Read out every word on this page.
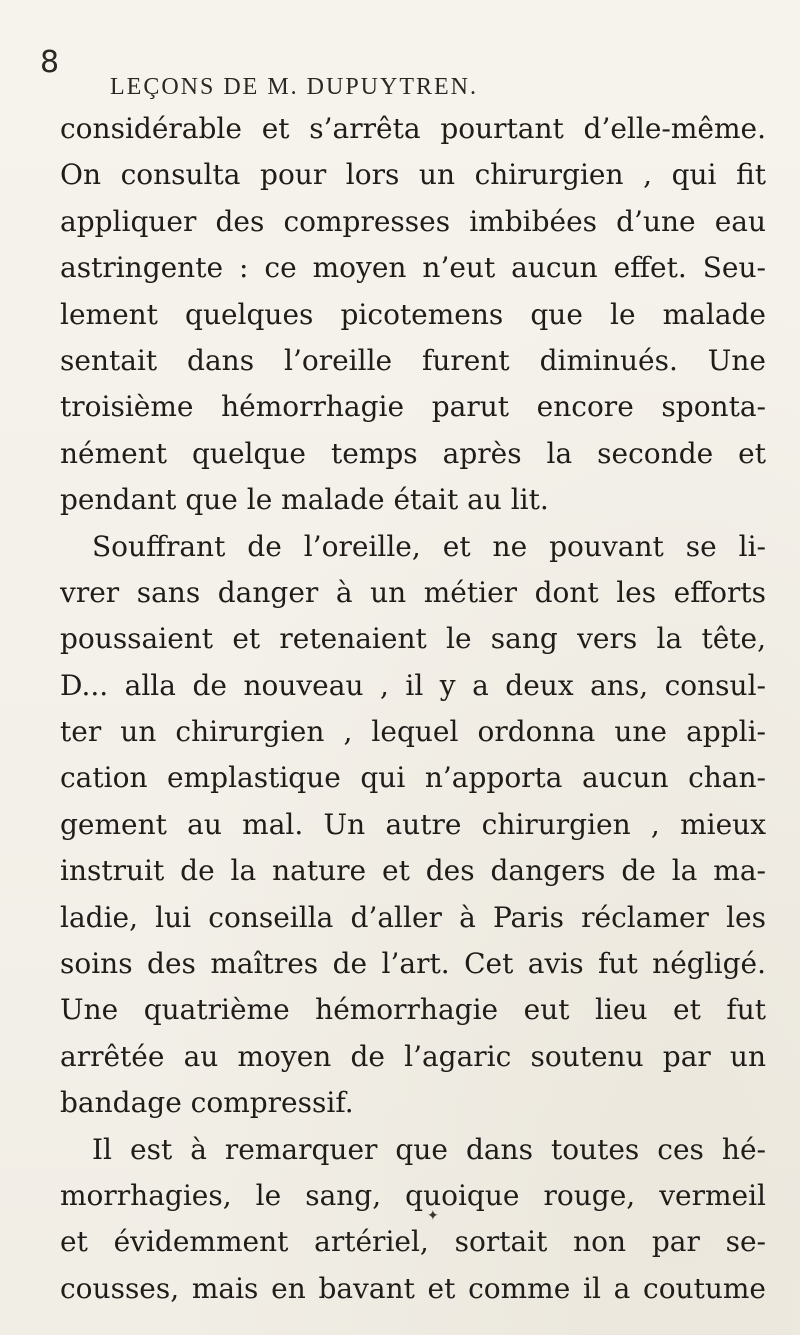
8
LEÇONS DE M. DUPUYTREN.
considérable et s’arrêta pourtant d’elle-même.
On consulta pour lors un chirurgien , qui fit
appliquer des compresses imbibées d’une eau
astringente : ce moyen n’eut aucun effet. Seu-
lement quelques picotemens que le malade
sentait dans l’oreille furent diminués. Une
troisième hémorrhagie parut encore sponta-
nément quelque temps après la seconde et
pendant que le malade était au lit.
Souffrant de l’oreille, et ne pouvant se li-
vrer sans danger à un métier dont les efforts
poussaient et retenaient le sang vers la tête,
D... alla de nouveau , il y a deux ans, consul-
ter un chirurgien , lequel ordonna une appli-
cation emplastique qui n’apporta aucun chan-
gement au mal. Un autre chirurgien , mieux
instruit de la nature et des dangers de la ma-
ladie, lui conseilla d’aller à Paris réclamer les
soins des maîtres de l’art. Cet avis fut négligé.
Une quatrième hémorrhagie eut lieu et fut
arrêtée au moyen de l’agaric soutenu par un
bandage compressif.
Il est à remarquer que dans toutes ces hé-
morrhagies, le sang, quoique rouge, vermeil
et évidemment artériel, sortait non par se-
cousses, mais en bavant et comme il a coutume
✦
